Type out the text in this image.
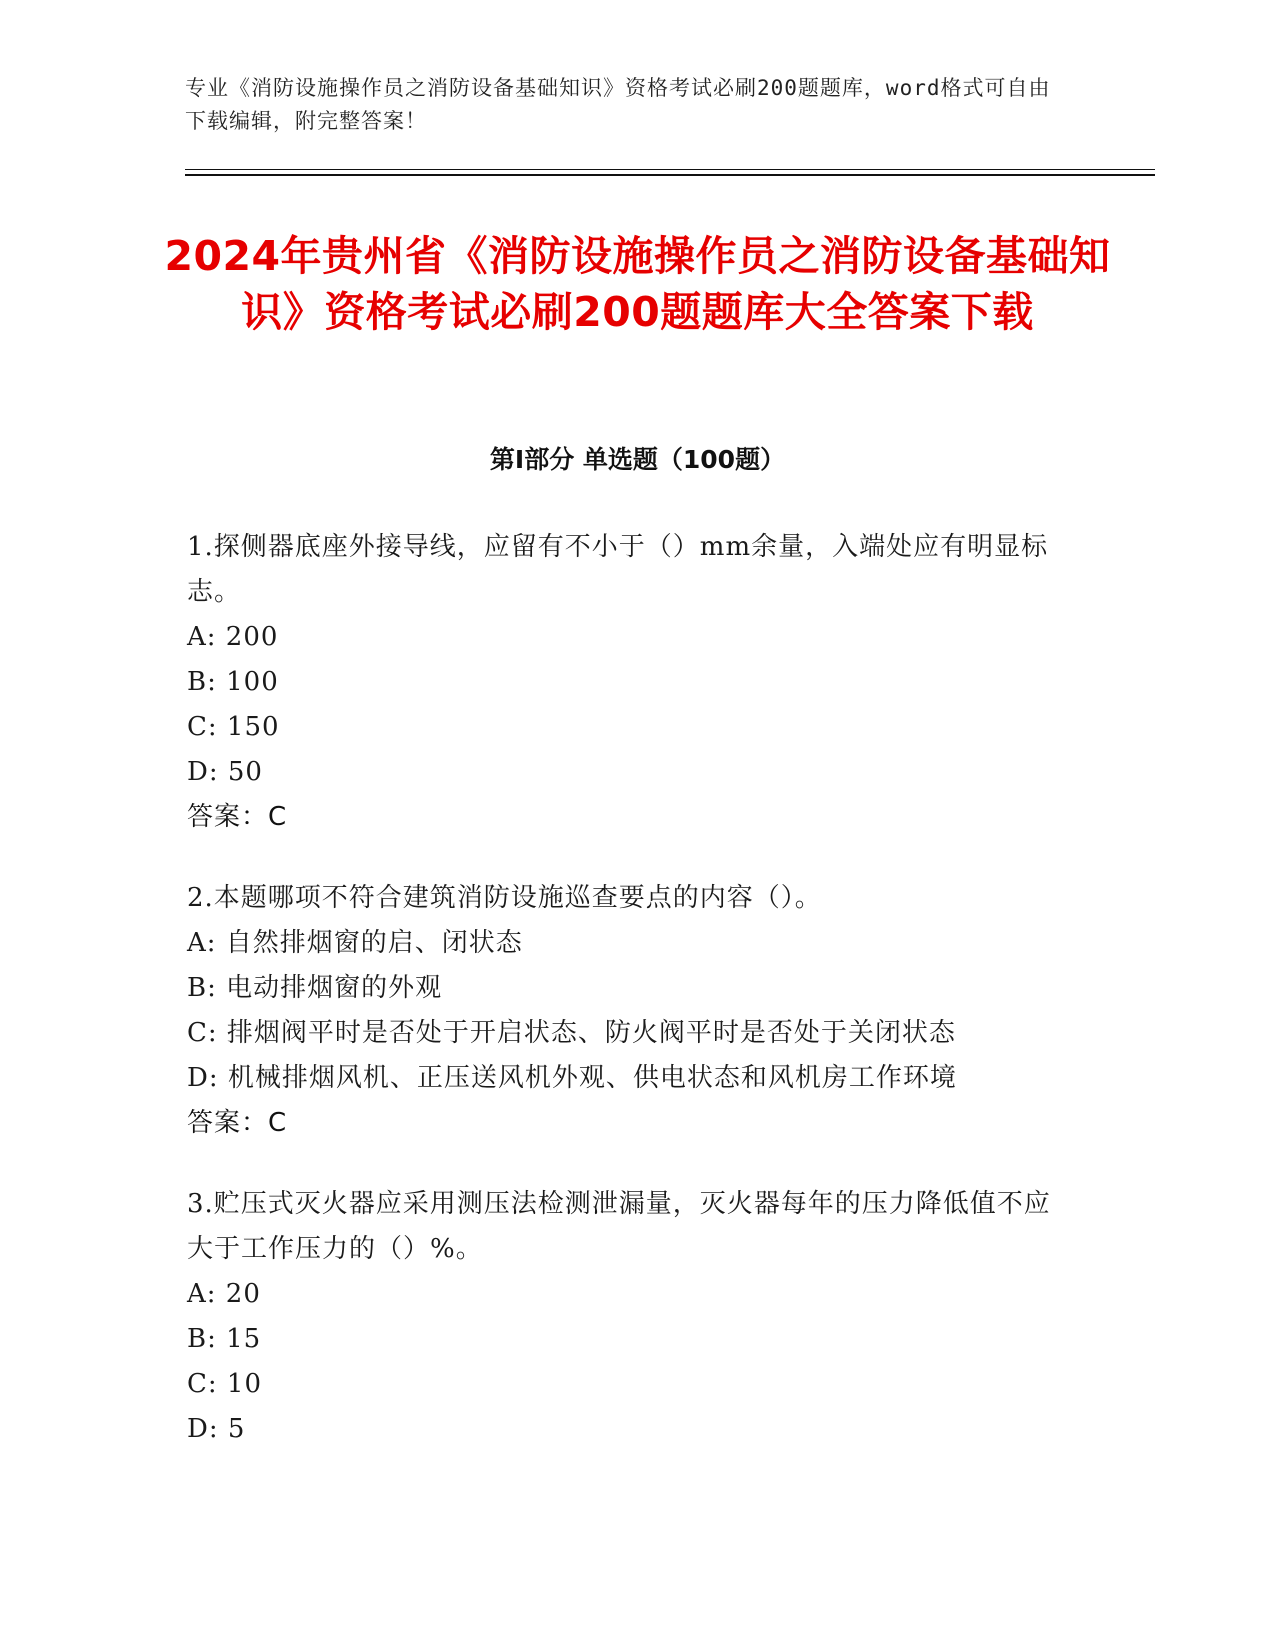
专业《消防设施操作员之消防设备基础知识》资格考试必刷200题题库，word格式可自由下载编辑，附完整答案！
2024年贵州省《消防设施操作员之消防设备基础知识》资格考试必刷200题题库大全答案下载
第Ⅰ部分 单选题（100题）
1.探侧器底座外接导线，应留有不小于（）mm余量，入端处应有明显标志。
A: 200
B: 100
C: 150
D: 50
答案：C
2.本题哪项不符合建筑消防设施巡查要点的内容（）。
A: 自然排烟窗的启、闭状态
B: 电动排烟窗的外观
C: 排烟阀平时是否处于开启状态、防火阀平时是否处于关闭状态
D: 机械排烟风机、正压送风机外观、供电状态和风机房工作环境
答案：C
3.贮压式灭火器应采用测压法检测泄漏量，灭火器每年的压力降低值不应大于工作压力的（）%。
A: 20
B: 15
C: 10
D: 5
